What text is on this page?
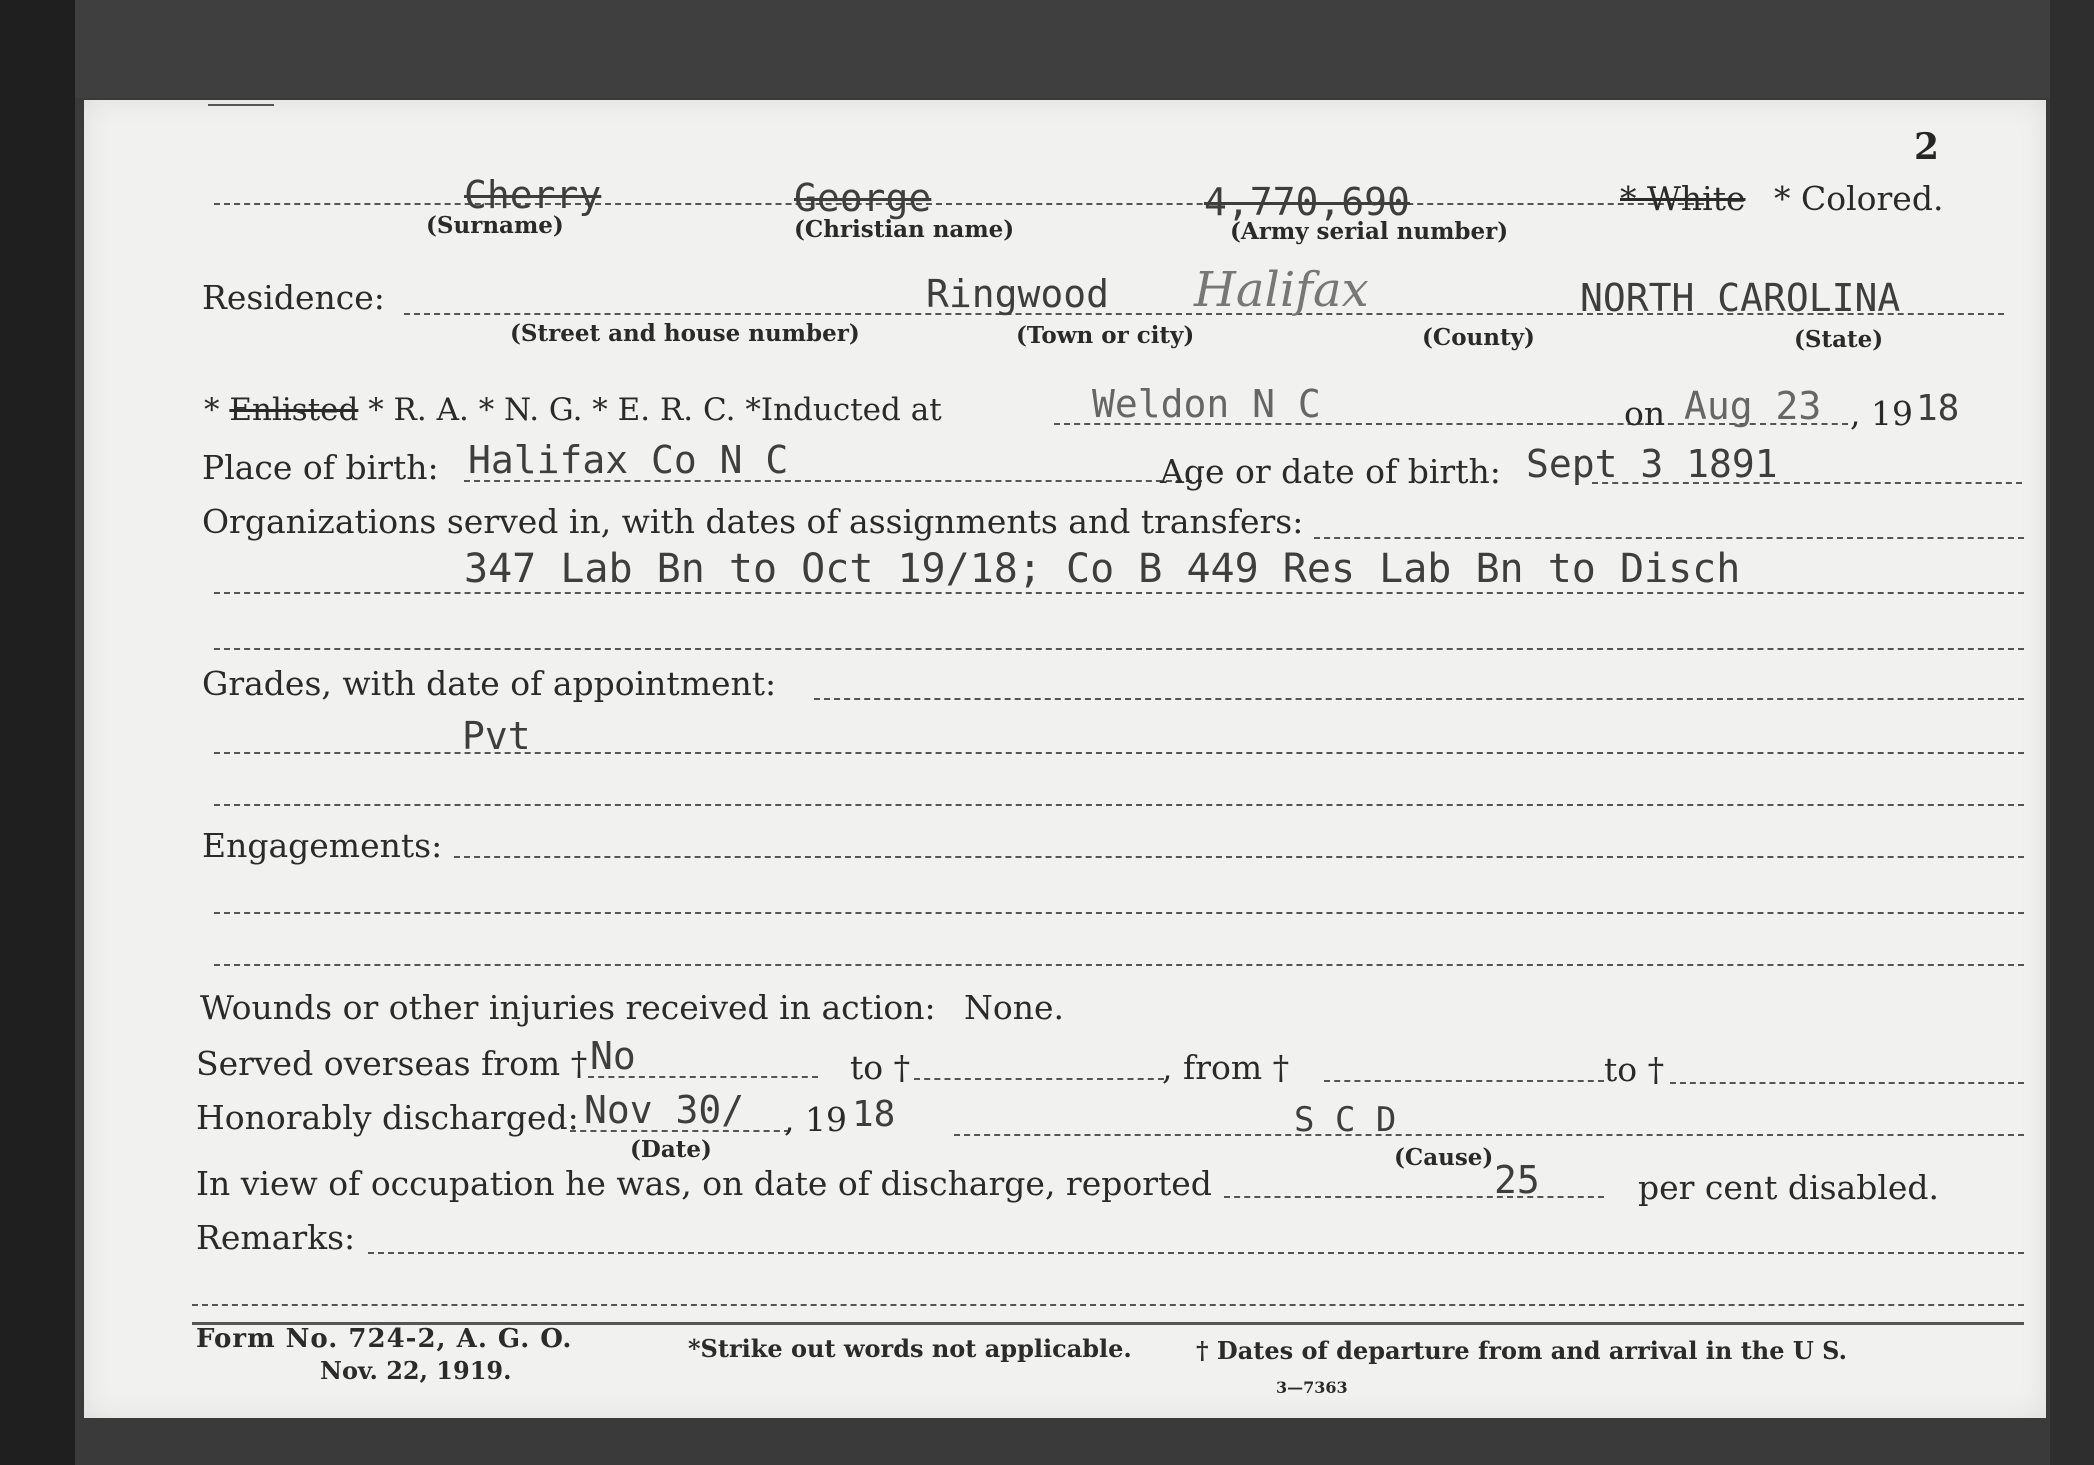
2
Cherry	George	4,770,690	* White * Colored.
(Surname)	(Christian name)	(Army serial number)
Residence:	Ringwood Halifax	NORTH CAROLINA
(Street and house number)	(Town or city)	(County)	(State)
* Enlisted * R. A. * N. G. * E. R. C. *Inducted at	Weldon N C	on Aug 23 , 19 18
Place of birth: Halifax Co N C	Age or date of birth: Sept 3 1891
Organizations served in, with dates of assignments and transfers:
347 Lab Bn to Oct 19/18; Co B 449 Res Lab Bn to Disch
Grades, with date of appointment:
Pvt
Engagements:
Wounds or other injuries received in action: None.
Served overseas from † No	to †	, from †	to †
Honorably discharged: Nov 30/ , 19 18	S C D
(Date)	(Cause)
In view of occupation he was, on date of discharge, reported	25	per cent disabled.
Remarks:
Form No. 724-2, A. G. O.
Nov. 22, 1919.
*Strike out words not applicable.	† Dates of departure from and arrival in the U S.
3—7363
